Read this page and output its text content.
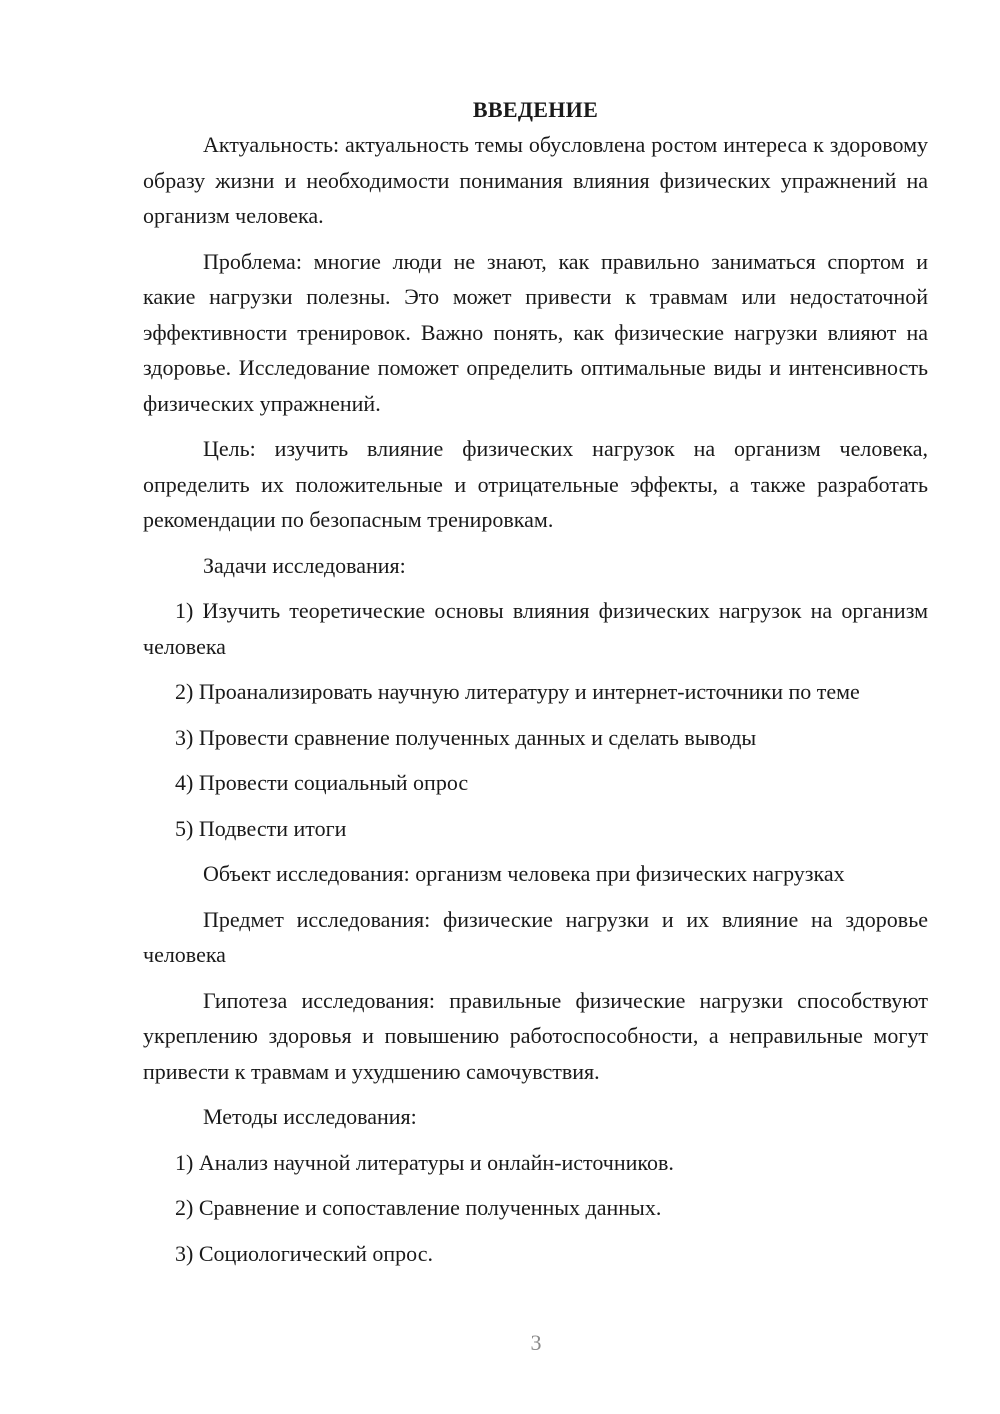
ВВЕДЕНИЕ

Актуальность: актуальность темы обусловлена ростом интереса к здоровому образу жизни и необходимости понимания влияния физических упражнений на организм человека.

Проблема: многие люди не знают, как правильно заниматься спортом и какие нагрузки полезны. Это может привести к травмам или недостаточной эффективности тренировок. Важно понять, как физические нагрузки влияют на здоровье. Исследование поможет определить оптимальные виды и интенсивность физических упражнений.

Цель: изучить влияние физических нагрузок на организм человека, определить их положительные и отрицательные эффекты, а также разработать рекомендации по безопасным тренировкам.

Задачи исследования:

1) Изучить теоретические основы влияния физических нагрузок на организм человека

2) Проанализировать научную литературу и интернет-источники по теме

3) Провести сравнение полученных данных и сделать выводы

4) Провести социальный опрос

5) Подвести итоги

Объект исследования: организм человека при физических нагрузках

Предмет исследования: физические нагрузки и их влияние на здоровье человека

Гипотеза исследования: правильные физические нагрузки способствуют укреплению здоровья и повышению работоспособности, а неправильные могут привести к травмам и ухудшению самочувствия.

Методы исследования:

1) Анализ научной литературы и онлайн-источников.

2) Сравнение и сопоставление полученных данных.

3) Социологический опрос.

3
